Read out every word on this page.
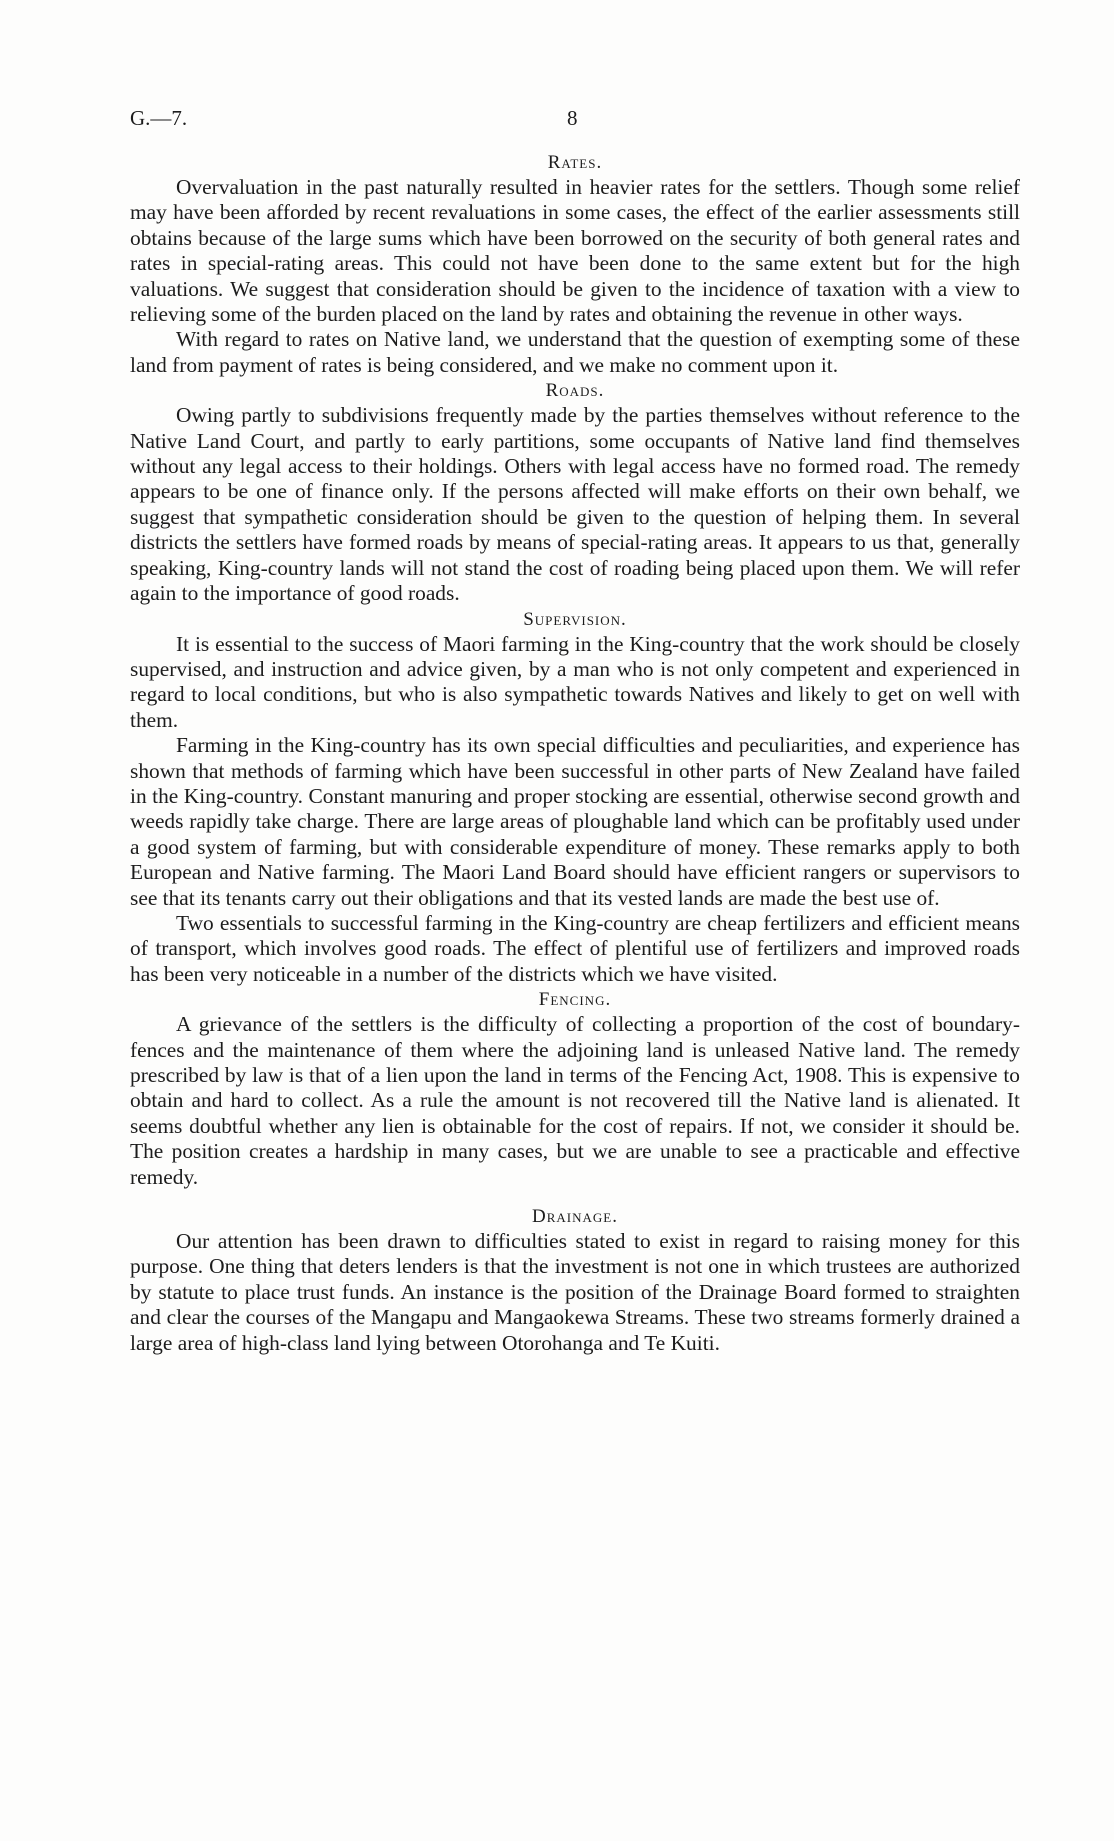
G.—7.	8
Rates.

Overvaluation in the past naturally resulted in heavier rates for the settlers. Though some relief may have been afforded by recent revaluations in some cases, the effect of the earlier assessments still obtains because of the large sums which have been borrowed on the security of both general rates and rates in special-rating areas. This could not have been done to the same extent but for the high valuations. We suggest that consideration should be given to the incidence of taxation with a view to relieving some of the burden placed on the land by rates and obtaining the revenue in other ways.

With regard to rates on Native land, we understand that the question of exempting some of these land from payment of rates is being considered, and we make no comment upon it.

Roads.

Owing partly to subdivisions frequently made by the parties themselves without reference to the Native Land Court, and partly to early partitions, some occupants of Native land find themselves without any legal access to their holdings. Others with legal access have no formed road. The remedy appears to be one of finance only. If the persons affected will make efforts on their own behalf, we suggest that sympathetic consideration should be given to the question of helping them. In several districts the settlers have formed roads by means of special-rating areas. It appears to us that, generally speaking, King-country lands will not stand the cost of roading being placed upon them. We will refer again to the importance of good roads.

Supervision.

It is essential to the success of Maori farming in the King-country that the work should be closely supervised, and instruction and advice given, by a man who is not only competent and experienced in regard to local conditions, but who is also sympathetic towards Natives and likely to get on well with them.

Farming in the King-country has its own special difficulties and peculiarities, and experience has shown that methods of farming which have been successful in other parts of New Zealand have failed in the King-country. Constant manuring and proper stocking are essential, otherwise second growth and weeds rapidly take charge. There are large areas of ploughable land which can be profitably used under a good system of farming, but with considerable expenditure of money. These remarks apply to both European and Native farming. The Maori Land Board should have efficient rangers or supervisors to see that its tenants carry out their obligations and that its vested lands are made the best use of.

Two essentials to successful farming in the King-country are cheap fertilizers and efficient means of transport, which involves good roads. The effect of plentiful use of fertilizers and improved roads has been very noticeable in a number of the districts which we have visited.

Fencing.

A grievance of the settlers is the difficulty of collecting a proportion of the cost of boundary-fences and the maintenance of them where the adjoining land is unleased Native land. The remedy prescribed by law is that of a lien upon the land in terms of the Fencing Act, 1908. This is expensive to obtain and hard to collect. As a rule the amount is not recovered till the Native land is alienated. It seems doubtful whether any lien is obtainable for the cost of repairs. If not, we consider it should be. The position creates a hardship in many cases, but we are unable to see a practicable and effective remedy.

Drainage.

Our attention has been drawn to difficulties stated to exist in regard to raising money for this purpose. One thing that deters lenders is that the investment is not one in which trustees are authorized by statute to place trust funds. An instance is the position of the Drainage Board formed to straighten and clear the courses of the Mangapu and Mangaokewa Streams. These two streams formerly drained a large area of high-class land lying between Otorohanga and Te Kuiti.
